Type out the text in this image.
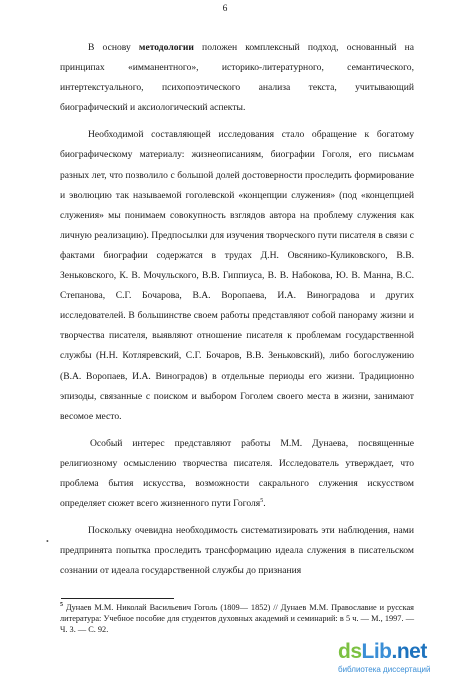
6

В основу методологии положен комплексный подход, основанный на принципах «имманентного», историко-литературного, семантического, интертекстуального, психопоэтического анализа текста, учитывающий биографический и аксиологический аспекты.

Необходимой составляющей исследования стало обращение к богатому биографическому материалу: жизнеописаниям, биографии Гоголя, его письмам разных лет, что позволило с большой долей достоверности проследить формирование и эволюцию так называемой гоголевской «концепции служения» (под «концепцией служения» мы понимаем совокупность взглядов автора на проблему служения как личную реализацию). Предпосылки для изучения творческого пути писателя в связи с фактами биографии содержатся в трудах Д.Н. Овсянико-Куликовского, В.В. Зеньковского, К. В. Мочульского, В.В. Гиппиуса, В. В. Набокова, Ю. В. Манна, В.С. Степанова, С.Г. Бочарова, В.А. Воропаева, И.А. Виноградова и других исследователей. В большинстве своем работы представляют собой панораму жизни и творчества писателя, выявляют отношение писателя к проблемам государственной службы (Н.Н. Котляревский, С.Г. Бочаров, В.В. Зеньковский), либо богослужению (В.А. Воропаев, И.А. Виноградов) в отдельные периоды его жизни. Традиционно эпизоды, связанные с поиском и выбором Гоголем своего места в жизни, занимают весомое место.

Особый интерес представляют работы М.М. Дунаева, посвященные религиозному осмыслению творчества писателя. Исследователь утверждает, что проблема бытия искусства, возможности сакрального служения искусством определяет сюжет всего жизненного пути Гоголя$^5$.

Поскольку очевидна необходимость систематизировать эти наблюдения, нами предпринята попытка проследить трансформацию идеала служения в писательском сознании от идеала государственной службы до признания

•
$^5$ Дунаев М.М. Николай Васильевич Гоголь (1809— 1852) // Дунаев М.М. Православие и русская литература: Учебное пособие для студентов духовных академий и семинарий: в 5 ч. — М., 1997. — Ч. 3. — С. 92.
dsLib.net
библиотека диссертаций
